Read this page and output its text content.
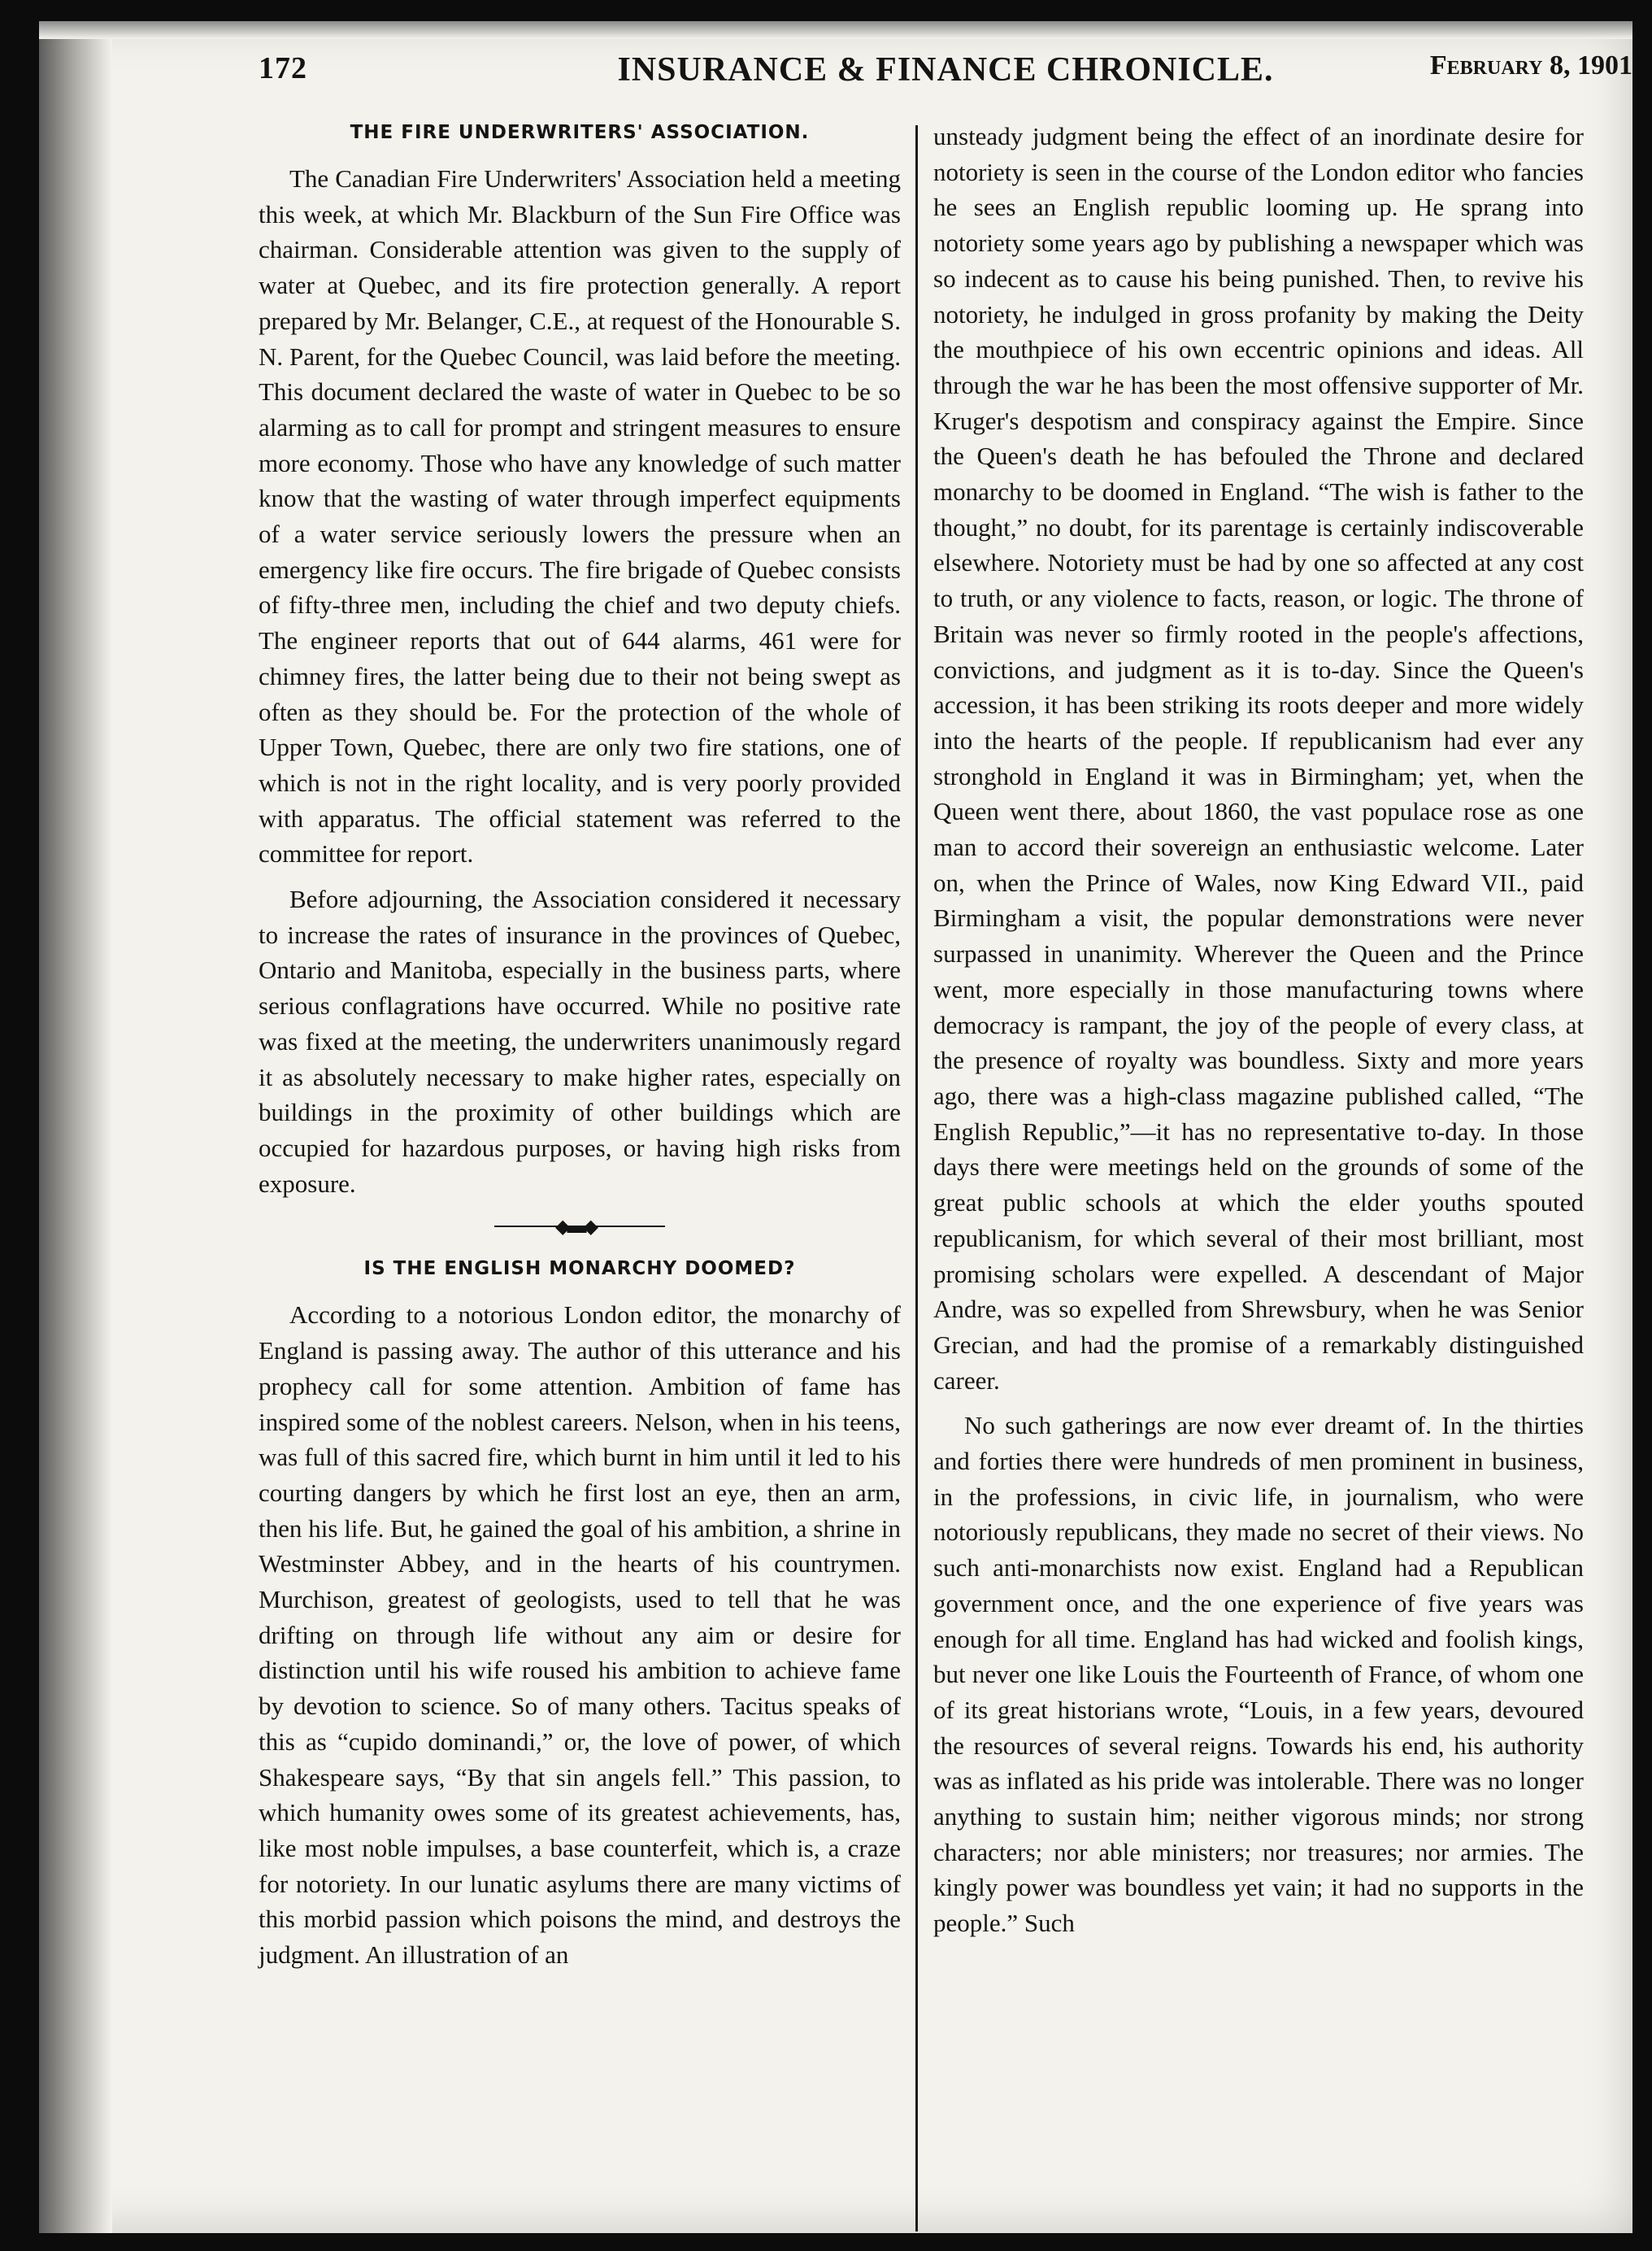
172	INSURANCE & FINANCE CHRONICLE.	February 8, 1901
THE FIRE UNDERWRITERS' ASSOCIATION.

The Canadian Fire Underwriters' Association held a meeting this week, at which Mr. Blackburn of the Sun Fire Office was chairman. Considerable attention was given to the supply of water at Quebec, and its fire protection generally. A report prepared by Mr. Belanger, C.E., at request of the Honourable S. N. Parent, for the Quebec Council, was laid before the meeting. This document declared the waste of water in Quebec to be so alarming as to call for prompt and stringent measures to ensure more economy. Those who have any knowledge of such matter know that the wasting of water through imperfect equipments of a water service seriously lowers the pressure when an emergency like fire occurs. The fire brigade of Quebec consists of fifty-three men, including the chief and two deputy chiefs. The engineer reports that out of 644 alarms, 461 were for chimney fires, the latter being due to their not being swept as often as they should be. For the protection of the whole of Upper Town, Quebec, there are only two fire stations, one of which is not in the right locality, and is very poorly provided with apparatus. The official statement was referred to the committee for report.

Before adjourning, the Association considered it necessary to increase the rates of insurance in the provinces of Quebec, Ontario and Manitoba, especially in the business parts, where serious conflagrations have occurred. While no positive rate was fixed at the meeting, the underwriters unanimously regard it as absolutely necessary to make higher rates, especially on buildings in the proximity of other buildings which are occupied for hazardous purposes, or having high risks from exposure.

◆▬◆
IS THE ENGLISH MONARCHY DOOMED?

According to a notorious London editor, the monarchy of England is passing away. The author of this utterance and his prophecy call for some attention. Ambition of fame has inspired some of the noblest careers. Nelson, when in his teens, was full of this sacred fire, which burnt in him until it led to his courting dangers by which he first lost an eye, then an arm, then his life. But, he gained the goal of his ambition, a shrine in Westminster Abbey, and in the hearts of his countrymen. Murchison, greatest of geologists, used to tell that he was drifting on through life without any aim or desire for distinction until his wife roused his ambition to achieve fame by devotion to science. So of many others. Tacitus speaks of this as “cupido dominandi,” or, the love of power, of which Shakespeare says, “By that sin angels fell.” This passion, to which humanity owes some of its greatest achievements, has, like most noble impulses, a base counterfeit, which is, a craze for notoriety. In our lunatic asylums there are many victims of this morbid passion which poisons the mind, and destroys the judgment. An illustration of an

unsteady judgment being the effect of an inordinate desire for notoriety is seen in the course of the London editor who fancies he sees an English republic looming up. He sprang into notoriety some years ago by publishing a newspaper which was so indecent as to cause his being punished. Then, to revive his notoriety, he indulged in gross profanity by making the Deity the mouthpiece of his own eccentric opinions and ideas. All through the war he has been the most offensive supporter of Mr. Kruger's despotism and conspiracy against the Empire. Since the Queen's death he has befouled the Throne and declared monarchy to be doomed in England. “The wish is father to the thought,” no doubt, for its parentage is certainly indiscoverable elsewhere. Notoriety must be had by one so affected at any cost to truth, or any violence to facts, reason, or logic. The throne of Britain was never so firmly rooted in the people's affections, convictions, and judgment as it is to-day. Since the Queen's accession, it has been striking its roots deeper and more widely into the hearts of the people. If republicanism had ever any stronghold in England it was in Birmingham; yet, when the Queen went there, about 1860, the vast populace rose as one man to accord their sovereign an enthusiastic welcome. Later on, when the Prince of Wales, now King Edward VII., paid Birmingham a visit, the popular demonstrations were never surpassed in unanimity. Wherever the Queen and the Prince went, more especially in those manufacturing towns where democracy is rampant, the joy of the people of every class, at the presence of royalty was boundless. Sixty and more years ago, there was a high-class magazine published called, “The English Republic,”—it has no representative to-day. In those days there were meetings held on the grounds of some of the great public schools at which the elder youths spouted republicanism, for which several of their most brilliant, most promising scholars were expelled. A descendant of Major Andre, was so expelled from Shrewsbury, when he was Senior Grecian, and had the promise of a remarkably distinguished career.

No such gatherings are now ever dreamt of. In the thirties and forties there were hundreds of men prominent in business, in the professions, in civic life, in journalism, who were notoriously republicans, they made no secret of their views. No such anti-monarchists now exist. England had a Republican government once, and the one experience of five years was enough for all time. England has had wicked and foolish kings, but never one like Louis the Fourteenth of France, of whom one of its great historians wrote, “Louis, in a few years, devoured the resources of several reigns. Towards his end, his authority was as inflated as his pride was intolerable. There was no longer anything to sustain him; neither vigorous minds; nor strong characters; nor able ministers; nor treasures; nor armies. The kingly power was boundless yet vain; it had no supports in the people.” Such
